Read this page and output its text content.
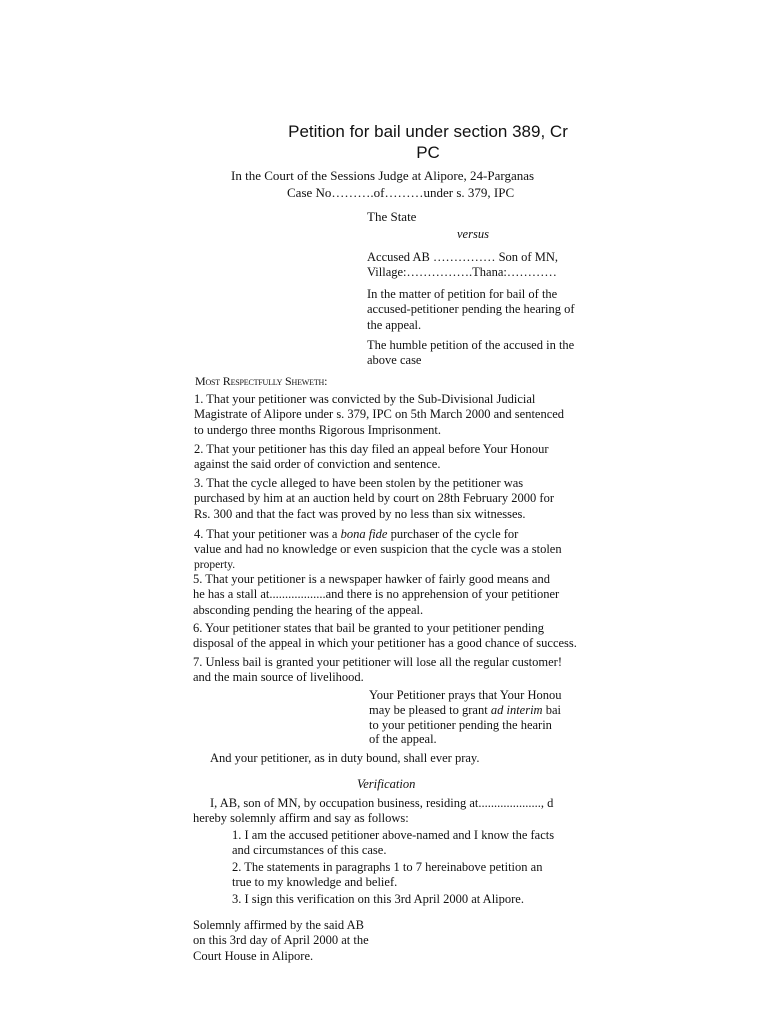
Petition for bail under section 389, Cr
PC
In the Court of the Sessions Judge at Alipore, 24-Parganas
Case No……….of………under s. 379, IPC
The State
versus
Accused AB …………… Son of MN,
Village:…………….Thana:…………
In the matter of petition for bail of the
accused-petitioner pending the hearing of
the appeal.
The humble petition of the accused in the
above case
Most Respectfully Sheweth:
1. That your petitioner was convicted by the Sub-Divisional Judicial
Magistrate of Alipore under s. 379, IPC on 5th March 2000 and sentenced
to undergo three months Rigorous Imprisonment.
2. That your petitioner has this day filed an appeal before Your Honour
against the said order of conviction and sentence.
3. That the cycle alleged to have been stolen by the petitioner was
purchased by him at an auction held by court on 28th February 2000 for
Rs. 300 and that the fact was proved by no less than six witnesses.
4. That your petitioner was a bona fide purchaser of the cycle for
value and had no knowledge or even suspicion that the cycle was a stolen
property.
5. That your petitioner is a newspaper hawker of fairly good means and
he has a stall at..................and there is no apprehension of your petitioner
absconding pending the hearing of the appeal.
6. Your petitioner states that bail be granted to your petitioner pending
disposal of the appeal in which your petitioner has a good chance of success.
7. Unless bail is granted your petitioner will lose all the regular customer!
and the main source of livelihood.
Your Petitioner prays that Your Honou
may be pleased to grant ad interim bai
to your petitioner pending the hearin
of the appeal.
And your petitioner, as in duty bound, shall ever pray.
Verification
I, AB, son of MN, by occupation business, residing at...................., d
hereby solemnly affirm and say as follows:
1. I am the accused petitioner above-named and I know the facts
and circumstances of this case.
2. The statements in paragraphs 1 to 7 hereinabove petition an
true to my knowledge and belief.
3. I sign this verification on this 3rd April 2000 at Alipore.
Solemnly affirmed by the said AB
on this 3rd day of April 2000 at the
Court House in Alipore.
